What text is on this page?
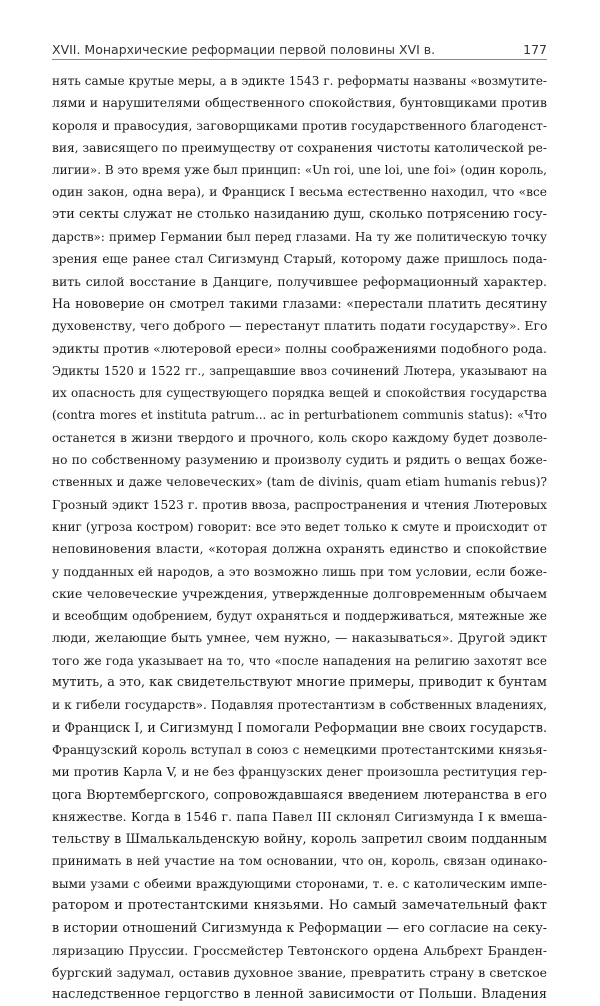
XVII. Монархические реформации первой половины XVI в.	177
нять самые крутые меры, а в эдикте 1543 г. реформаты названы «возмутите-
лями и нарушителями общественного спокойствия, бунтовщиками против
короля и правосудия, заговорщиками против государственного благоденст-
вия, зависящего по преимуществу от сохранения чистоты католической ре-
лигии». В это время уже был принцип: «Un roi, une loi, une foi» (один король,
один закон, одна вера), и Франциск I весьма естественно находил, что «все
эти секты служат не столько назиданию душ, сколько потрясению госу-
дарств»: пример Германии был перед глазами. На ту же политическую точку
зрения еще ранее стал Сигизмунд Старый, которому даже пришлось пода-
вить силой восстание в Данциге, получившее реформационный характер.
На нововерие он смотрел такими глазами: «перестали платить десятину
духовенству, чего доброго — перестанут платить подати государству». Его
эдикты против «лютеровой ереси» полны соображениями подобного рода.
Эдикты 1520 и 1522 гг., запрещавшие ввоз сочинений Лютера, указывают на
их опасность для существующего порядка вещей и спокойствия государства
(contra mores et instituta patrum... ac in perturbationem communis status): «Что
останется в жизни твердого и прочного, коль скоро каждому будет дозволе-
но по собственному разумению и произволу судить и рядить о вещах боже-
ственных и даже человеческих» (tam de divinis, quam etiam humanis rebus)?
Грозный эдикт 1523 г. против ввоза, распространения и чтения Лютеровых
книг (угроза костром) говорит: все это ведет только к смуте и происходит от
неповиновения власти, «которая должна охранять единство и спокойствие
у подданных ей народов, а это возможно лишь при том условии, если боже-
ские человеческие учреждения, утвержденные долговременным обычаем
и всеобщим одобрением, будут охраняться и поддерживаться, мятежные же
люди, желающие быть умнее, чем нужно, — наказываться». Другой эдикт
того же года указывает на то, что «после нападения на религию захотят все
мутить, а это, как свидетельствуют многие примеры, приводит к бунтам
и к гибели государств». Подавляя протестантизм в собственных владениях,
и Франциск I, и Сигизмунд I помогали Реформации вне своих государств.
Французский король вступал в союз с немецкими протестантскими князья-
ми против Карла V, и не без французских денег произошла реституция гер-
цога Вюртембергского, сопровождавшаяся введением лютеранства в его
княжестве. Когда в 1546 г. папа Павел III склонял Сигизмунда I к вмеша-
тельству в Шмалькальденскую войну, король запретил своим подданным
принимать в ней участие на том основании, что он, король, связан одинако-
выми узами с обеими враждующими сторонами, т. е. с католическим импе-
ратором и протестантскими князьями. Но самый замечательный факт
в истории отношений Сигизмунда к Реформации — его согласие на секу-
ляризацию Пруссии. Гроссмейстер Тевтонского ордена Альбрехт Бранден-
бургский задумал, оставив духовное звание, превратить страну в светское
наследственное герцогство в ленной зависимости от Польши. Владения
